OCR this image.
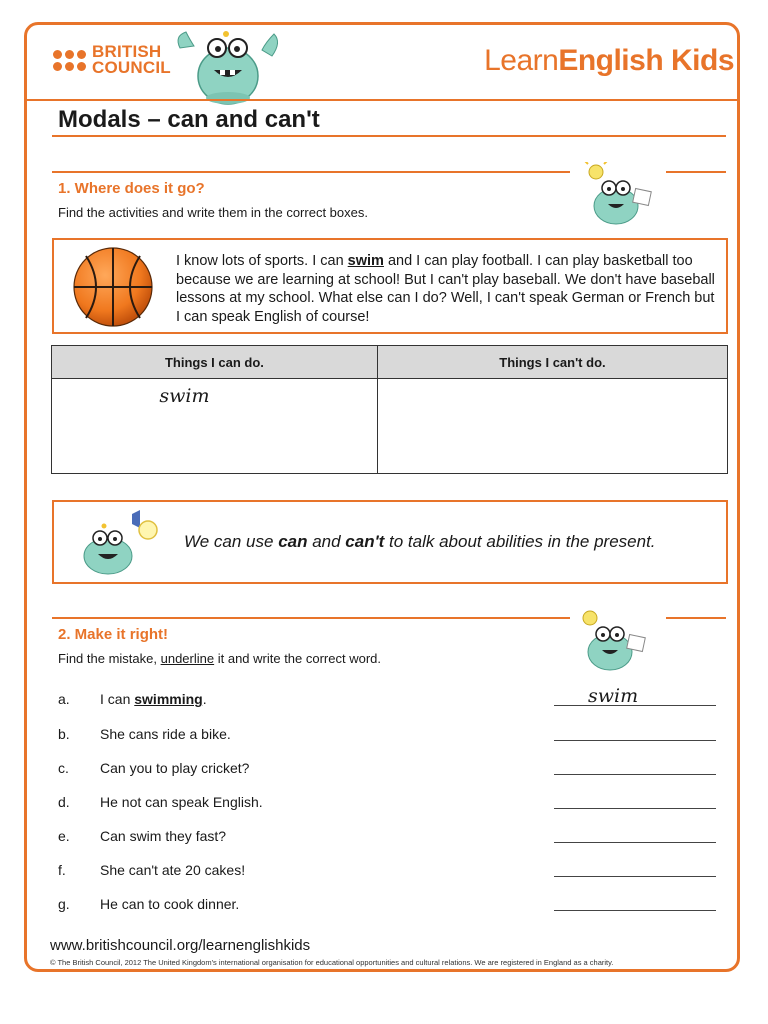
BRITISH
COUNCIL	LearnEnglish Kids
Modals – can and can't
1. Where does it go?
Find the activities and write them in the correct boxes.
I know lots of sports. I can swim and I can play football. I can play basketball too because we are learning at school! But I can't play baseball. We don't have baseball lessons at my school. What else can I do? Well, I can't speak German or French but I can speak English of course!
Things I can do.	Things I can't do.
swim	
We can use can and can't to talk about abilities in the present.
2. Make it right!
Find the mistake, underline it and write the correct word.
a. I can swimming.	swim
b. She cans ride a bike.
c. Can you to play cricket?
d. He not can speak English.
e. Can swim they fast?
f. She can't ate 20 cakes!
g. He can to cook dinner.
www.britishcouncil.org/learnenglishkids
© The British Council, 2012 The United Kingdom's international organisation for educational opportunities and cultural relations. We are registered in England as a charity.
